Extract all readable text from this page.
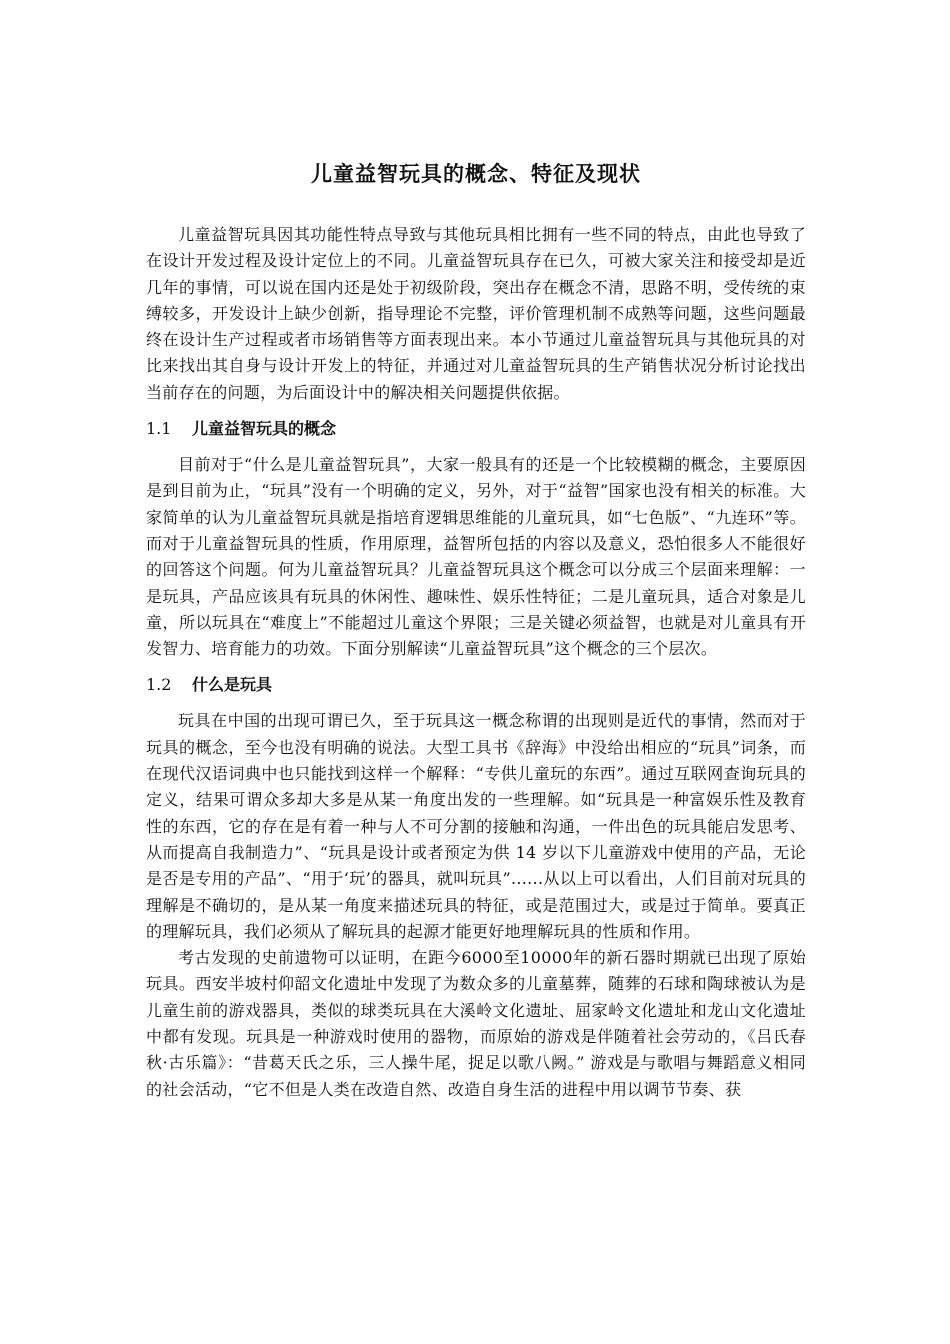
儿童益智玩具的概念、特征及现状

儿童益智玩具因其功能性特点导致与其他玩具相比拥有一些不同的特点，由此也导致了在设计开发过程及设计定位上的不同。儿童益智玩具存在已久，可被大家关注和接受却是近几年的事情，可以说在国内还是处于初级阶段，突出存在概念不清，思路不明，受传统的束缚较多，开发设计上缺少创新，指导理论不完整，评价管理机制不成熟等问题，这些问题最终在设计生产过程或者市场销售等方面表现出来。本小节通过儿童益智玩具与其他玩具的对比来找出其自身与设计开发上的特征，并通过对儿童益智玩具的生产销售状况分析讨论找出当前存在的问题，为后面设计中的解决相关问题提供依据。

1.1 儿童益智玩具的概念

目前对于“什么是儿童益智玩具”，大家一般具有的还是一个比较模糊的概念，主要原因是到目前为止，“玩具”没有一个明确的定义，另外，对于“益智”国家也没有相关的标准。大家简单的认为儿童益智玩具就是指培育逻辑思维能的儿童玩具，如“七色版”、“九连环”等。而对于儿童益智玩具的性质，作用原理，益智所包括的内容以及意义，恐怕很多人不能很好的回答这个问题。何为儿童益智玩具？儿童益智玩具这个概念可以分成三个层面来理解：一是玩具，产品应该具有玩具的休闲性、趣味性、娱乐性特征；二是儿童玩具，适合对象是儿童，所以玩具在“难度上”不能超过儿童这个界限；三是关键必须益智，也就是对儿童具有开发智力、培育能力的功效。下面分别解读“儿童益智玩具”这个概念的三个层次。

1.2 什么是玩具

玩具在中国的出现可谓已久，至于玩具这一概念称谓的出现则是近代的事情，然而对于玩具的概念，至今也没有明确的说法。大型工具书《辞海》中没给出相应的“玩具”词条，而在现代汉语词典中也只能找到这样一个解释：“专供儿童玩的东西”。通过互联网查询玩具的定义，结果可谓众多却大多是从某一角度出发的一些理解。如“玩具是一种富娱乐性及教育性的东西，它的存在是有着一种与人不可分割的接触和沟通，一件出色的玩具能启发思考、从而提高自我制造力”、“玩具是设计或者预定为供 14 岁以下儿童游戏中使用的产品，无论是否是专用的产品”、“用于‘玩’的器具，就叫玩具”......从以上可以看出，人们目前对玩具的理解是不确切的，是从某一角度来描述玩具的特征，或是范围过大，或是过于简单。要真正的理解玩具，我们必须从了解玩具的起源才能更好地理解玩具的性质和作用。

考古发现的史前遗物可以证明，在距今6000至10000年的新石器时期就已出现了原始玩具。西安半坡村仰韶文化遗址中发现了为数众多的儿童墓葬，随葬的石球和陶球被认为是儿童生前的游戏器具，类似的球类玩具在大溪岭文化遗址、屈家岭文化遗址和龙山文化遗址中都有发现。玩具是一种游戏时使用的器物，而原始的游戏是伴随着社会劳动的，《吕氏春秋·古乐篇》：“昔葛天氏之乐，三人操牛尾，捉足以歌八阙。” 游戏是与歌唱与舞蹈意义相同的社会活动，“它不但是人类在改造自然、改造自身生活的进程中用以调节节奏、获
